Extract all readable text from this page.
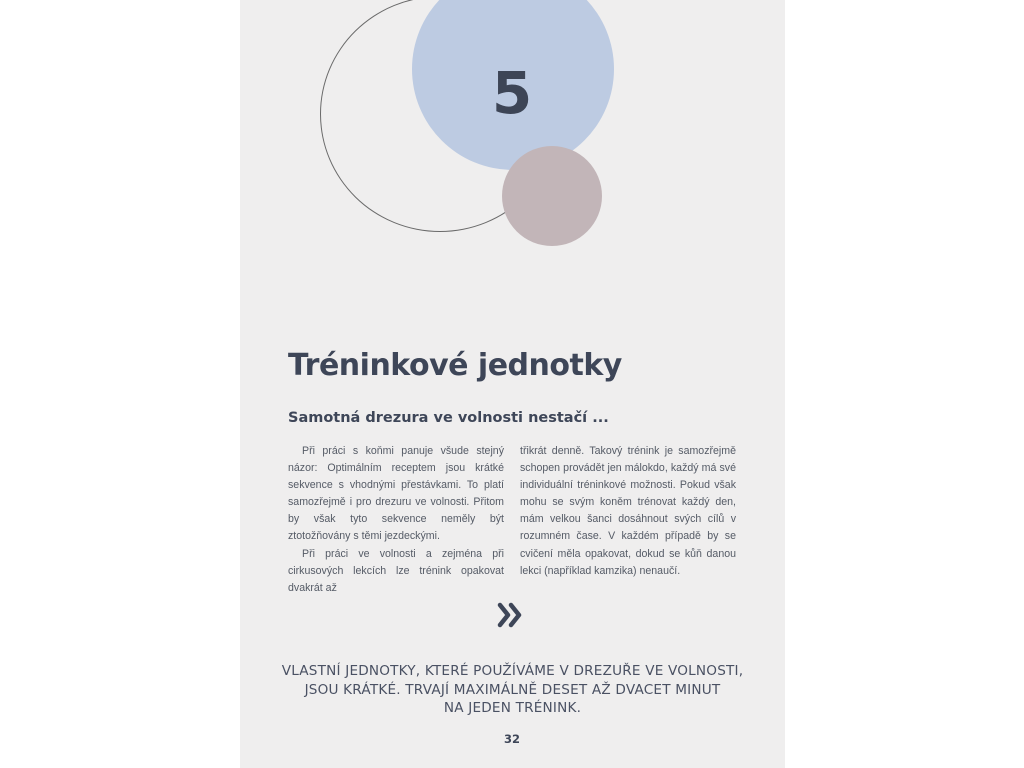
5
Tréninkové jednotky
Samotná drezura ve volnosti nestačí ...

Při práci s koňmi panuje všude stejný názor: Optimálním receptem jsou krátké sekvence s vhodnými přestávkami. To platí samozřejmě i pro drezuru ve volnosti. Přitom by však tyto sekvence neměly být ztotožňovány s těmi jezdeckými.

Při práci ve volnosti a zejména při cirkusových lekcích lze trénink opakovat dvakrát až

třikrát denně. Takový trénink je samozřejmě schopen provádět jen málokdo, každý má své individuální tréninkové možnosti. Pokud však mohu se svým koněm trénovat každý den, mám velkou šanci dosáhnout svých cílů v rozumném čase. V každém případě by se cvičení měla opakovat, dokud se kůň danou lekci (například kamzika) nenaučí.

VLASTNÍ JEDNOTKY, KTERÉ POUŽÍVÁME V DREZUŘE VE VOLNOSTI,
JSOU KRÁTKÉ. TRVAJÍ MAXIMÁLNĚ DESET AŽ DVACET MINUT
NA JEDEN TRÉNINK.
32
